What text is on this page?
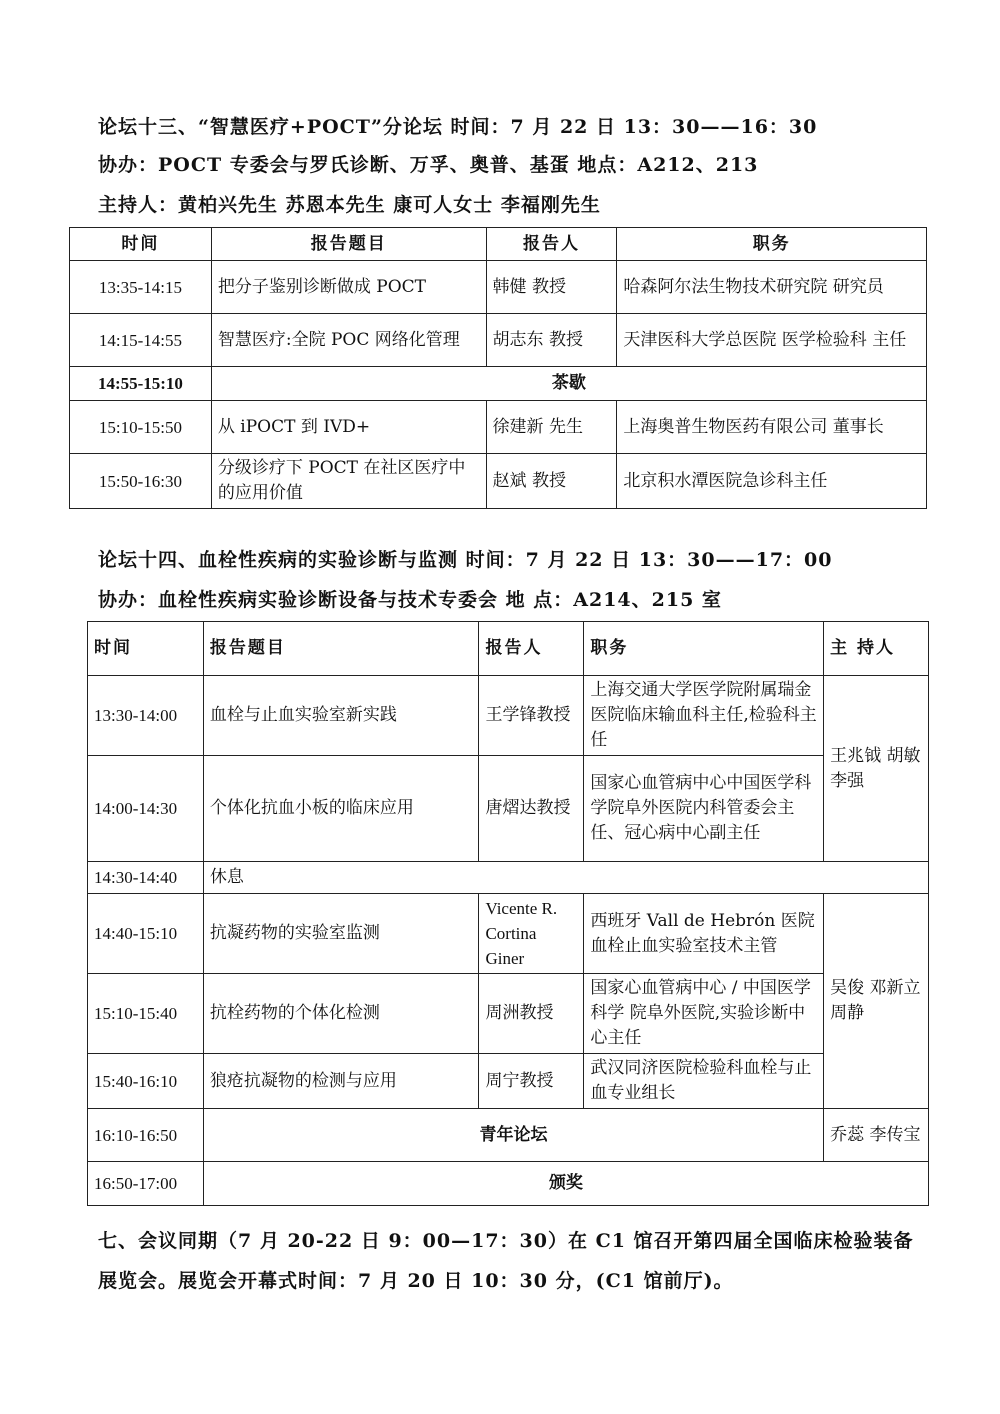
论坛十三、“智慧医疗+POCT”分论坛 时间：7 月 22 日 13：30——16：30
协办：POCT 专委会与罗氏诊断、万孚、奥普、基蛋 地点：A212、213
主持人：黄柏兴先生 苏恩本先生 康可人女士 李福刚先生
时间	报告题目	报告人	职务
13:35-14:15	把分子鉴别诊断做成 POCT	韩健 教授	哈森阿尔法生物技术研究院 研究员
14:15-14:55	智慧医疗:全院 POC 网络化管理	胡志东 教授	天津医科大学总医院 医学检验科 主任
14:55-15:10	茶歇		
15:10-15:50	从 iPOCT 到 IVD+	徐建新 先生	上海奥普生物医药有限公司 董事长
15:50-16:30	分级诊疗下 POCT 在社区医疗中的应用价值	赵斌 教授	北京积水潭医院急诊科主任
论坛十四、血栓性疾病的实验诊断与监测 时间：7 月 22 日 13：30——17：00
协办：血栓性疾病实验诊断设备与技术专委会 地 点：A214、215 室
时间	报告题目	报告人	职务	主 持人
13:30-14:00	血栓与止血实验室新实践	王学锋教授	上海交通大学医学院附属瑞金医院临床输血科主任,检验科主任	王兆钺 胡敏 李强
14:00-14:30	个体化抗血小板的临床应用	唐熠达教授	国家心血管病中心中国医学科学院阜外医院内科管委会主任、冠心病中心副主任	
14:30-14:40	休息			
14:40-15:10	抗凝药物的实验室监测	Vicente R. Cortina Giner	西班牙 Vall de Hebrón 医院 血栓止血实验室技术主管	吴俊 邓新立 周静
15:10-15:40	抗栓药物的个体化检测	周洲教授	国家心血管病中心 / 中国医学科学 院阜外医院,实验诊断中心主任	
15:40-16:10	狼疮抗凝物的检测与应用	周宁教授	武汉同济医院检验科血栓与止血专业组长	
16:10-16:50	青年论坛			乔蕊 李传宝
16:50-17:00	颁奖			
七、会议同期（7 月 20-22 日 9：00—17：30）在 C1 馆召开第四届全国临床检验装备
展览会。展览会开幕式时间：7 月 20 日 10：30 分，(C1 馆前厅)。
